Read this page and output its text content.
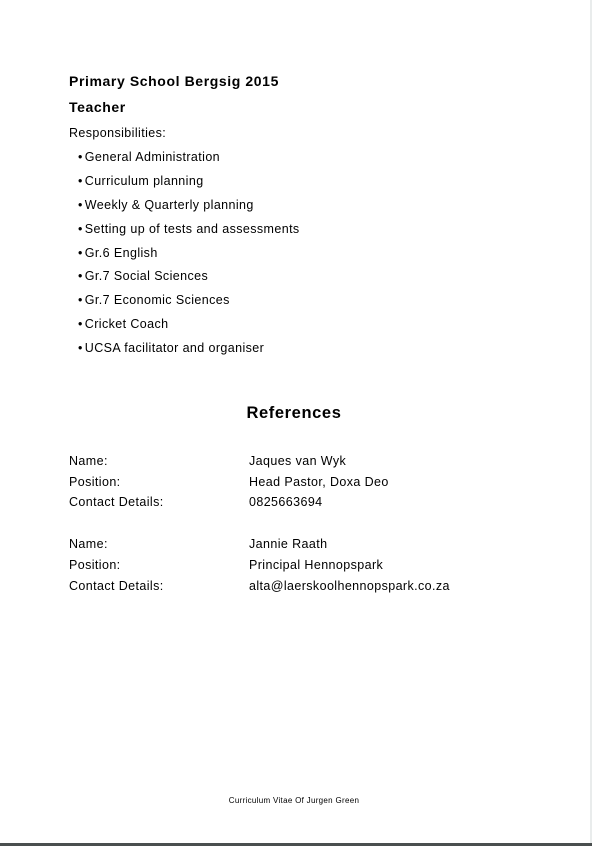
Primary School Bergsig 2015
Teacher
Responsibilities:
• General Administration
• Curriculum planning
• Weekly & Quarterly planning
• Setting up of tests and assessments
• Gr.6 English
• Gr.7 Social Sciences
• Gr.7 Economic Sciences
• Cricket Coach
• UCSA facilitator and organiser
References
Name:	Jaques van Wyk
Position:	Head Pastor, Doxa Deo
Contact Details:	0825663694
Name:	Jannie Raath
Position:	Principal Hennopspark
Contact Details:	alta@laerskoolhennopspark.co.za
Curriculum Vitae Of Jurgen Green
